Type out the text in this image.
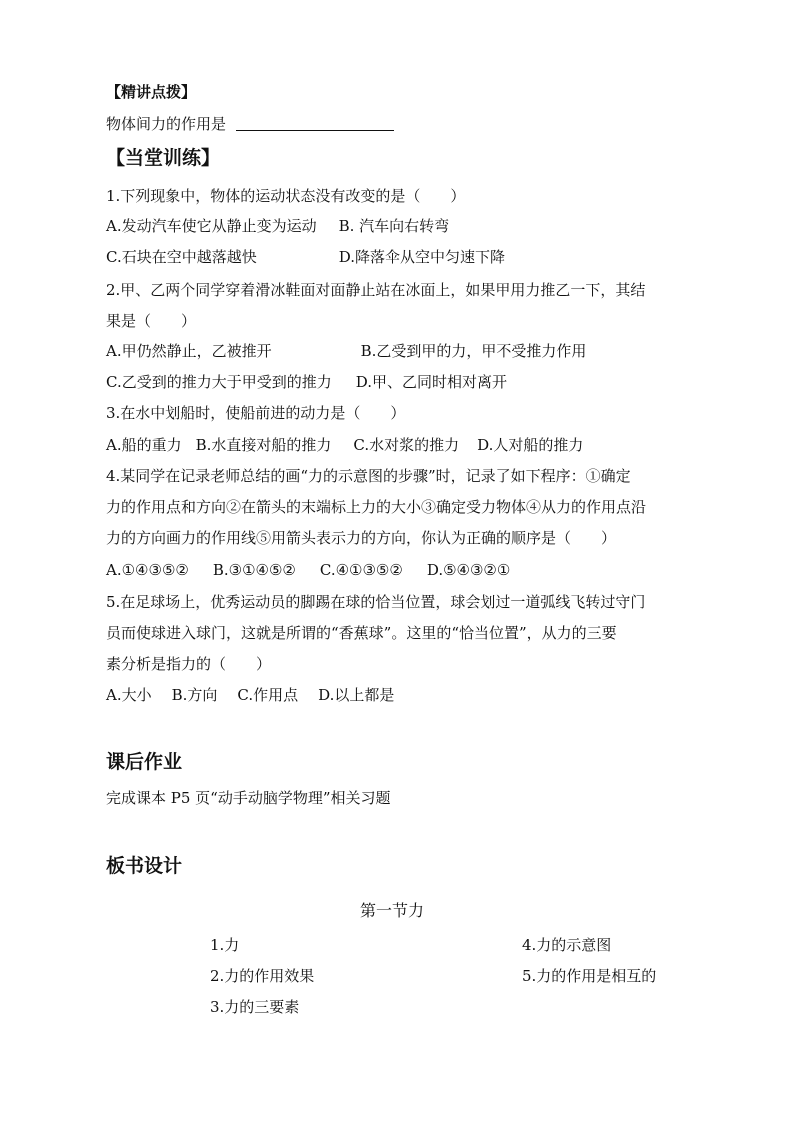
【精讲点拨】
物体间力的作用是
【当堂训练】
1.下列现象中，物体的运动状态没有改变的是（　　）
A.发动汽车使它从静止变为运动 B. 汽车向右转弯
C.石块在空中越落越快	D.降落伞从空中匀速下降
2.甲、乙两个同学穿着滑冰鞋面对面静止站在冰面上，如果甲用力推乙一下，其结
果是（　　）
A.甲仍然静止，乙被推开	B.乙受到甲的力，甲不受推力作用
C.乙受到的推力大于甲受到的推力 D.甲、乙同时相对离开
3.在水中划船时，使船前进的动力是（　　）
A.船的重力 B.水直接对船的推力 C.水对浆的推力 D.人对船的推力
4.某同学在记录老师总结的画“力的示意图的步骤”时，记录了如下程序：①确定
力的作用点和方向②在箭头的末端标上力的大小③确定受力物体④从力的作用点沿
力的方向画力的作用线⑤用箭头表示力的方向，你认为正确的顺序是（　　）
A.①④③⑤② B.③①④⑤② C.④①③⑤② D.⑤④③②①
5.在足球场上，优秀运动员的脚踢在球的恰当位置，球会划过一道弧线飞转过守门
员而使球进入球门，这就是所谓的“香蕉球”。这里的“恰当位置”，从力的三要
素分析是指力的（　　）
A.大小 B.方向 C.作用点 D.以上都是
课后作业
完成课本 P5 页“动手动脑学物理”相关习题
板书设计
第一节力
1.力
2.力的作用效果
3.力的三要素
4.力的示意图
5.力的作用是相互的
